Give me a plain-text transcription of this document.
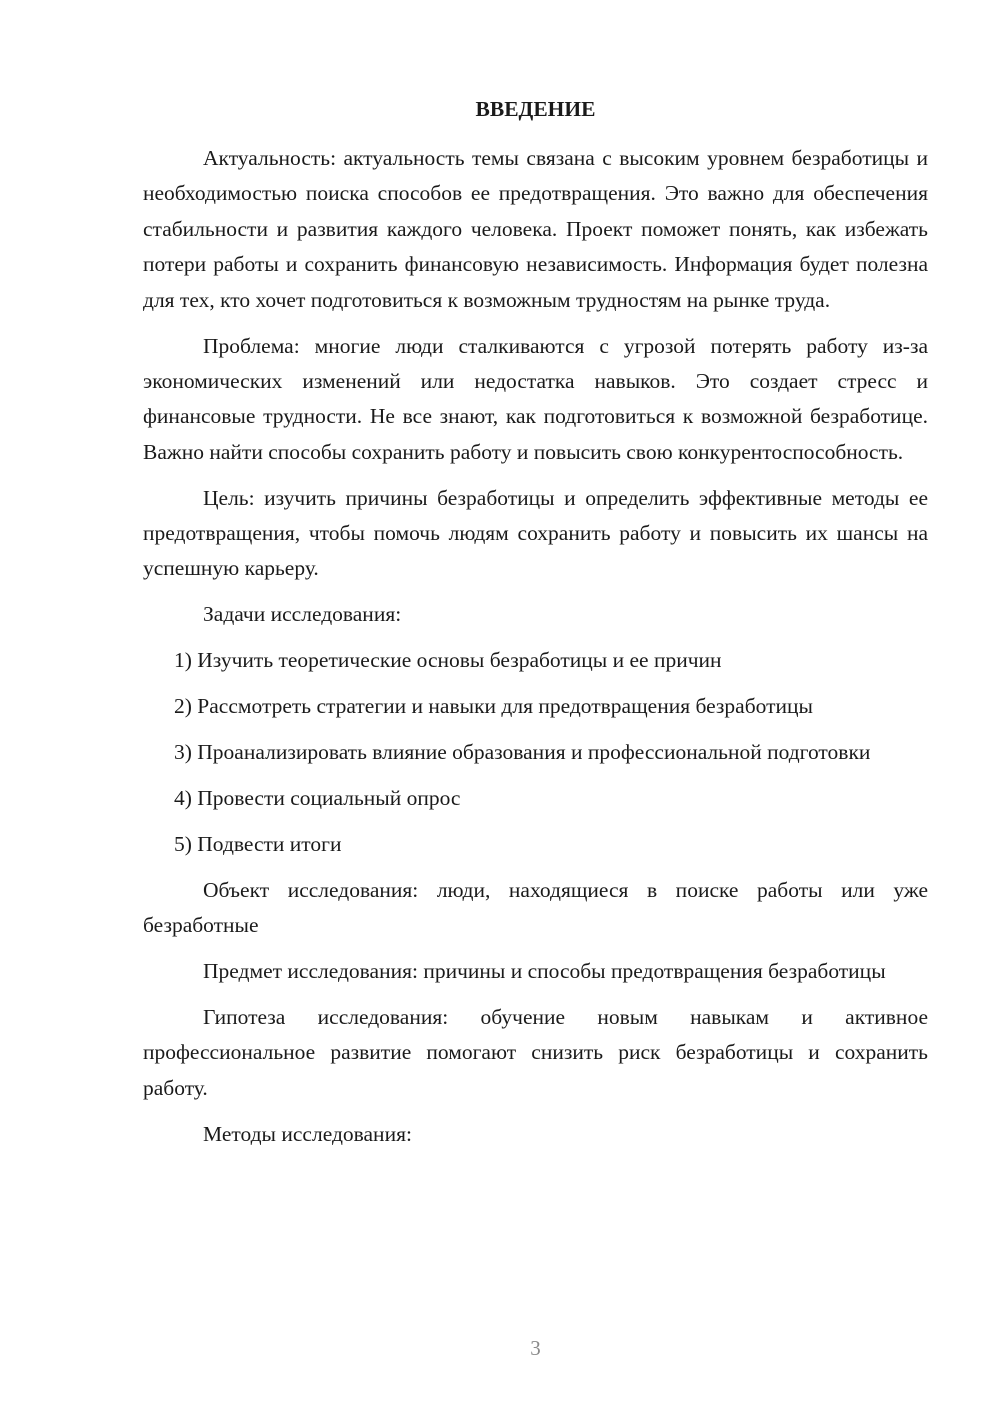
ВВЕДЕНИЕ

Актуальность: актуальность темы связана с высоким уровнем безработицы и необходимостью поиска способов ее предотвращения. Это важно для обеспечения стабильности и развития каждого человека. Проект поможет понять, как избежать потери работы и сохранить финансовую независимость. Информация будет полезна для тех, кто хочет подготовиться к возможным трудностям на рынке труда.

Проблема: многие люди сталкиваются с угрозой потерять работу из-за экономических изменений или недостатка навыков. Это создает стресс и финансовые трудности. Не все знают, как подготовиться к возможной безработице. Важно найти способы сохранить работу и повысить свою конкурентоспособность.

Цель: изучить причины безработицы и определить эффективные методы ее предотвращения, чтобы помочь людям сохранить работу и повысить их шансы на успешную карьеру.

Задачи исследования:

1) Изучить теоретические основы безработицы и ее причин

2) Рассмотреть стратегии и навыки для предотвращения безработицы

3) Проанализировать влияние образования и профессиональной подготовки

4) Провести социальный опрос

5) Подвести итоги

Объект исследования: люди, находящиеся в поиске работы или уже безработные

Предмет исследования: причины и способы предотвращения безработицы

Гипотеза исследования: обучение новым навыкам и активное профессиональное развитие помогают снизить риск безработицы и сохранить работу.

Методы исследования:

3
